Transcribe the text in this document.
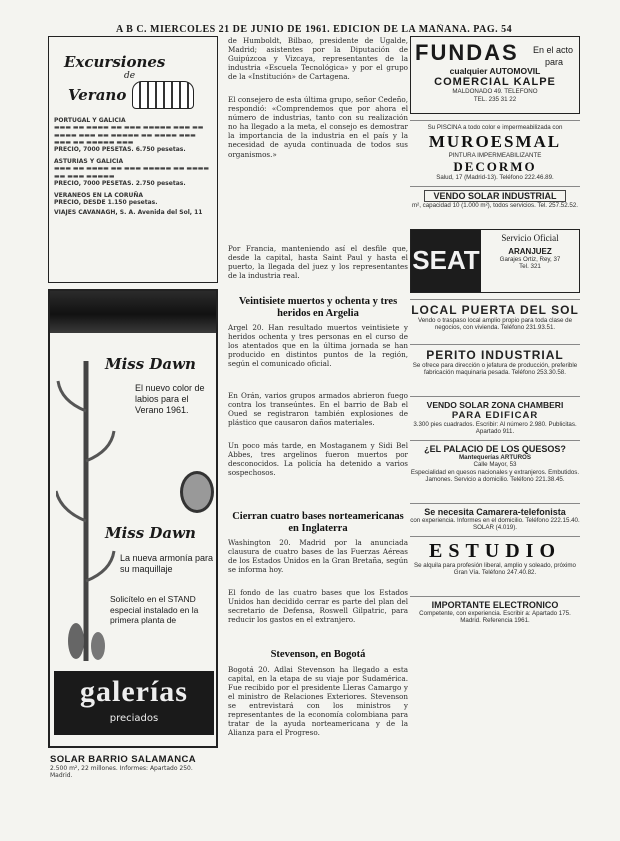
A B C. MIERCOLES 21 DE JUNIO DE 1961. EDICION DE LA MAÑANA. PAG. 54
Excursiones
de
Verano
PORTUGAL Y GALICIA
▬▬▬ ▬▬ ▬▬▬▬ ▬▬ ▬▬▬ ▬▬▬▬▬ ▬▬▬ ▬▬ ▬▬▬▬ ▬▬▬ ▬▬ ▬▬▬▬▬ ▬▬ ▬▬▬▬ ▬▬▬ ▬▬▬ ▬▬ ▬▬▬▬▬ ▬▬▬
PRECIO, 7000 PESETAS. 6.750 pesetas.
ASTURIAS Y GALICIA
▬▬▬ ▬▬ ▬▬▬▬ ▬▬ ▬▬▬ ▬▬▬▬▬ ▬▬ ▬▬▬▬ ▬▬ ▬▬▬ ▬▬▬▬▬
PRECIO, 7000 PESETAS. 2.750 pesetas.
VERANEOS EN LA CORUÑA
PRECIO, DESDE 1.150 pesetas.
VIAJES CAVANAGH, S. A. Avenida del Sol, 11
Miss Dawn
El nuevo color de labios para el Verano 1961.
Miss Dawn
La nueva armonía para su maquillaje
Solicítelo en el STAND especial instalado en la primera planta de
galerías
preciados
SOLAR BARRIO SALAMANCA
2.500 m², 22 millones. Informes: Apartado 250. Madrid.

de Humboldt, Bilbao, presidente de Ugalde, Madrid; asistentes por la Diputación de Guipúzcoa y Vizcaya, representantes de la industria «Escuela Tecnológica» y por el grupo de la «Institución» de Cartagena.

El consejero de esta última grupo, señor Cedeño, respondió: «Comprendemos que por ahora el número de industrias, tanto con su realización no ha llegado a la meta, el consejo es demostrar la importancia de la industria en el país y la necesidad de ayuda continuada de todos sus organismos.»

Por Francia, manteniendo así el desfile que, desde la capital, hasta Saint Paul y hasta el puerto, la llegada del juez y los representantes de la industria real.

Veintisiete muertos y ochenta y tres heridos en Argelia

Argel 20. Han resultado muertos veintisiete y heridos ochenta y tres personas en el curso de los atentados que en la última jornada se han producido en distintos puntos de la región, según el comunicado oficial.

En Orán, varios grupos armados abrieron fuego contra los transeúntes. En el barrio de Bab el Oued se registraron también explosiones de plástico que causaron daños materiales.

Un poco más tarde, en Mostaganem y Sidi Bel Abbes, tres argelinos fueron muertos por desconocidos. La policía ha detenido a varios sospechosos.

Cierran cuatro bases norteamericanas en Inglaterra

Washington 20. Madrid por la anunciada clausura de cuatro bases de las Fuerzas Aéreas de los Estados Unidos en la Gran Bretaña, según se informa hoy.

El fondo de las cuatro bases que los Estados Unidos han decidido cerrar es parte del plan del secretario de Defensa, Roswell Gilpatric, para reducir los gastos en el extranjero.

Stevenson, en Bogotá

Bogotá 20. Adlai Stevenson ha llegado a esta capital, en la etapa de su viaje por Sudamérica. Fue recibido por el presidente Lleras Camargo y el ministro de Relaciones Exteriores. Stevenson se entrevistará con los ministros y representantes de la economía colombiana para tratar de la ayuda norteamericana y de la Alianza para el Progreso.

FUNDAS	En el acto
para
cualquier AUTOMOVIL
COMERCIAL KALPE
MALDONADO 49. TELEFONO
TEL. 235 31 22
Su PISCINA a todo color e impermeabilizada con
MUROESMAL
PINTURA IMPERMEABILIZANTE
DECORMO
Salud, 17 (Madrid-13). Teléfono 222.46.89.
VENDO SOLAR INDUSTRIAL
m², capacidad 10 (1.000 m²), todos servicios. Tel. 257.52.52.
SEAT
Servicio Oficial
ARANJUEZ
Garajes Ortiz, Rey, 37
Tel. 321
LOCAL PUERTA DEL SOL
Vendo o traspaso local amplio propio para toda clase de negocios, con vivienda. Teléfono 231.93.51.
PERITO INDUSTRIAL
Se ofrece para dirección o jefatura de producción, preferible fabricación maquinaria pesada. Teléfono 253.30.58.
VENDO SOLAR ZONA CHAMBERI
PARA EDIFICAR
3.300 pies cuadrados. Escribir: Al número 2.980. Publicitas. Apartado 911.
¿EL PALACIO DE LOS QUESOS?
Mantequerías ARTUROS
Calle Mayor, 53
Especialidad en quesos nacionales y extranjeros. Embutidos. Jamones. Servicio a domicilio. Teléfono 221.38.45.
Se necesita Camarera-telefonista
con experiencia. Informes en el domicilio. Teléfono 222.15.40. SOLAR (4.019).
ESTUDIO
Se alquila para profesión liberal, amplio y soleado, próximo Gran Vía. Teléfono 247.40.82.
IMPORTANTE ELECTRONICO
Competente, con experiencia. Escribir a: Apartado 175. Madrid. Referencia 1961.
